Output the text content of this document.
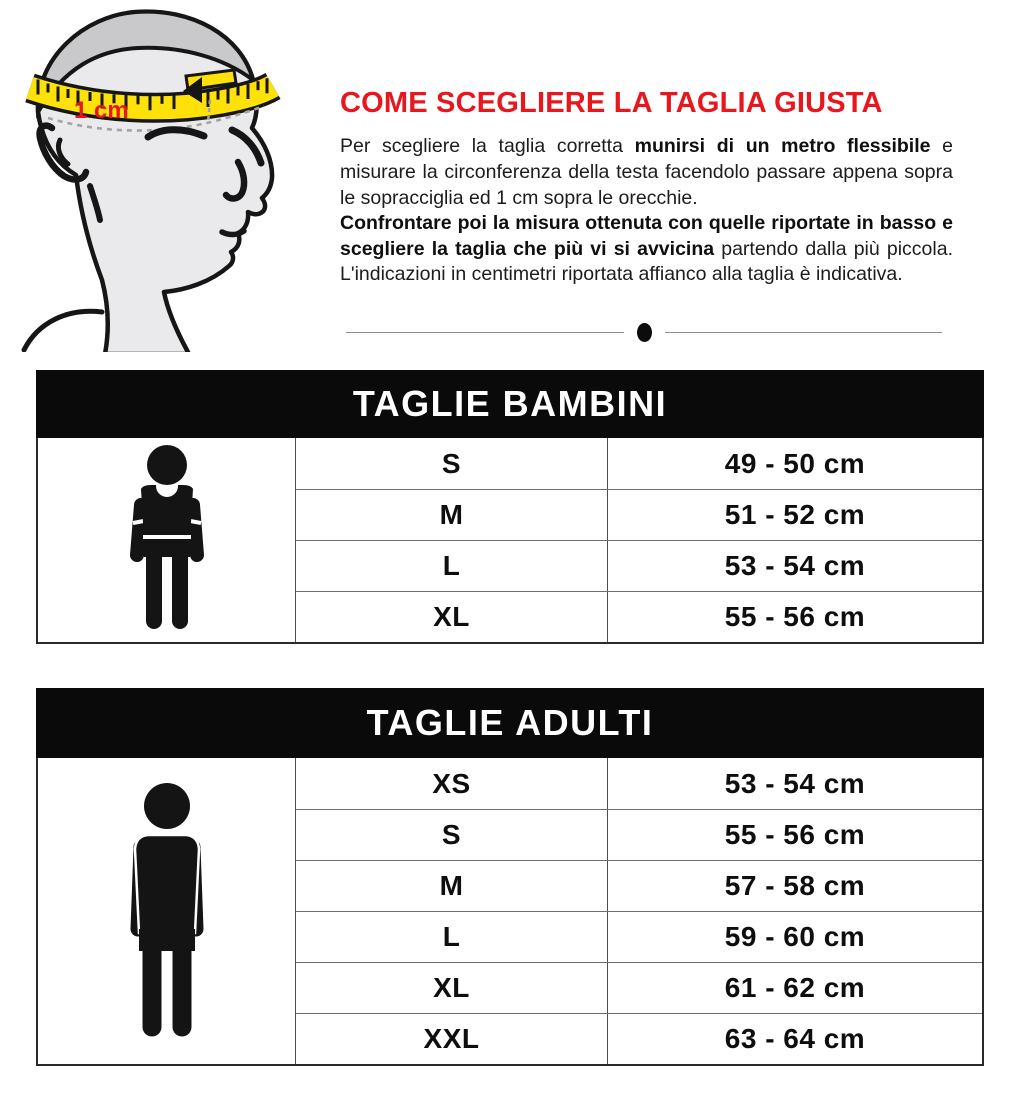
1 cm	COME SCEGLIERE LA TAGLIA GIUSTA

Per scegliere la taglia corretta munirsi di un metro flessibile e misurare la circonferenza della testa facendolo passare appena sopra le sopracciglia ed 1 cm sopra le orecchie.

Confrontare poi la misura ottenuta con quelle riportate in basso e scegliere la taglia che più vi si avvicina partendo dalla più piccola. L'indicazioni in centimetri riportata affianco alla taglia è indicativa.

TAGLIE BAMBINI
S	49 - 50 cm
M	51 - 52 cm
L	53 - 54 cm
XL	55 - 56 cm
TAGLIE ADULTI
XS	53 - 54 cm
S	55 - 56 cm
M	57 - 58 cm
L	59 - 60 cm
XL	61 - 62 cm
XXL	63 - 64 cm
